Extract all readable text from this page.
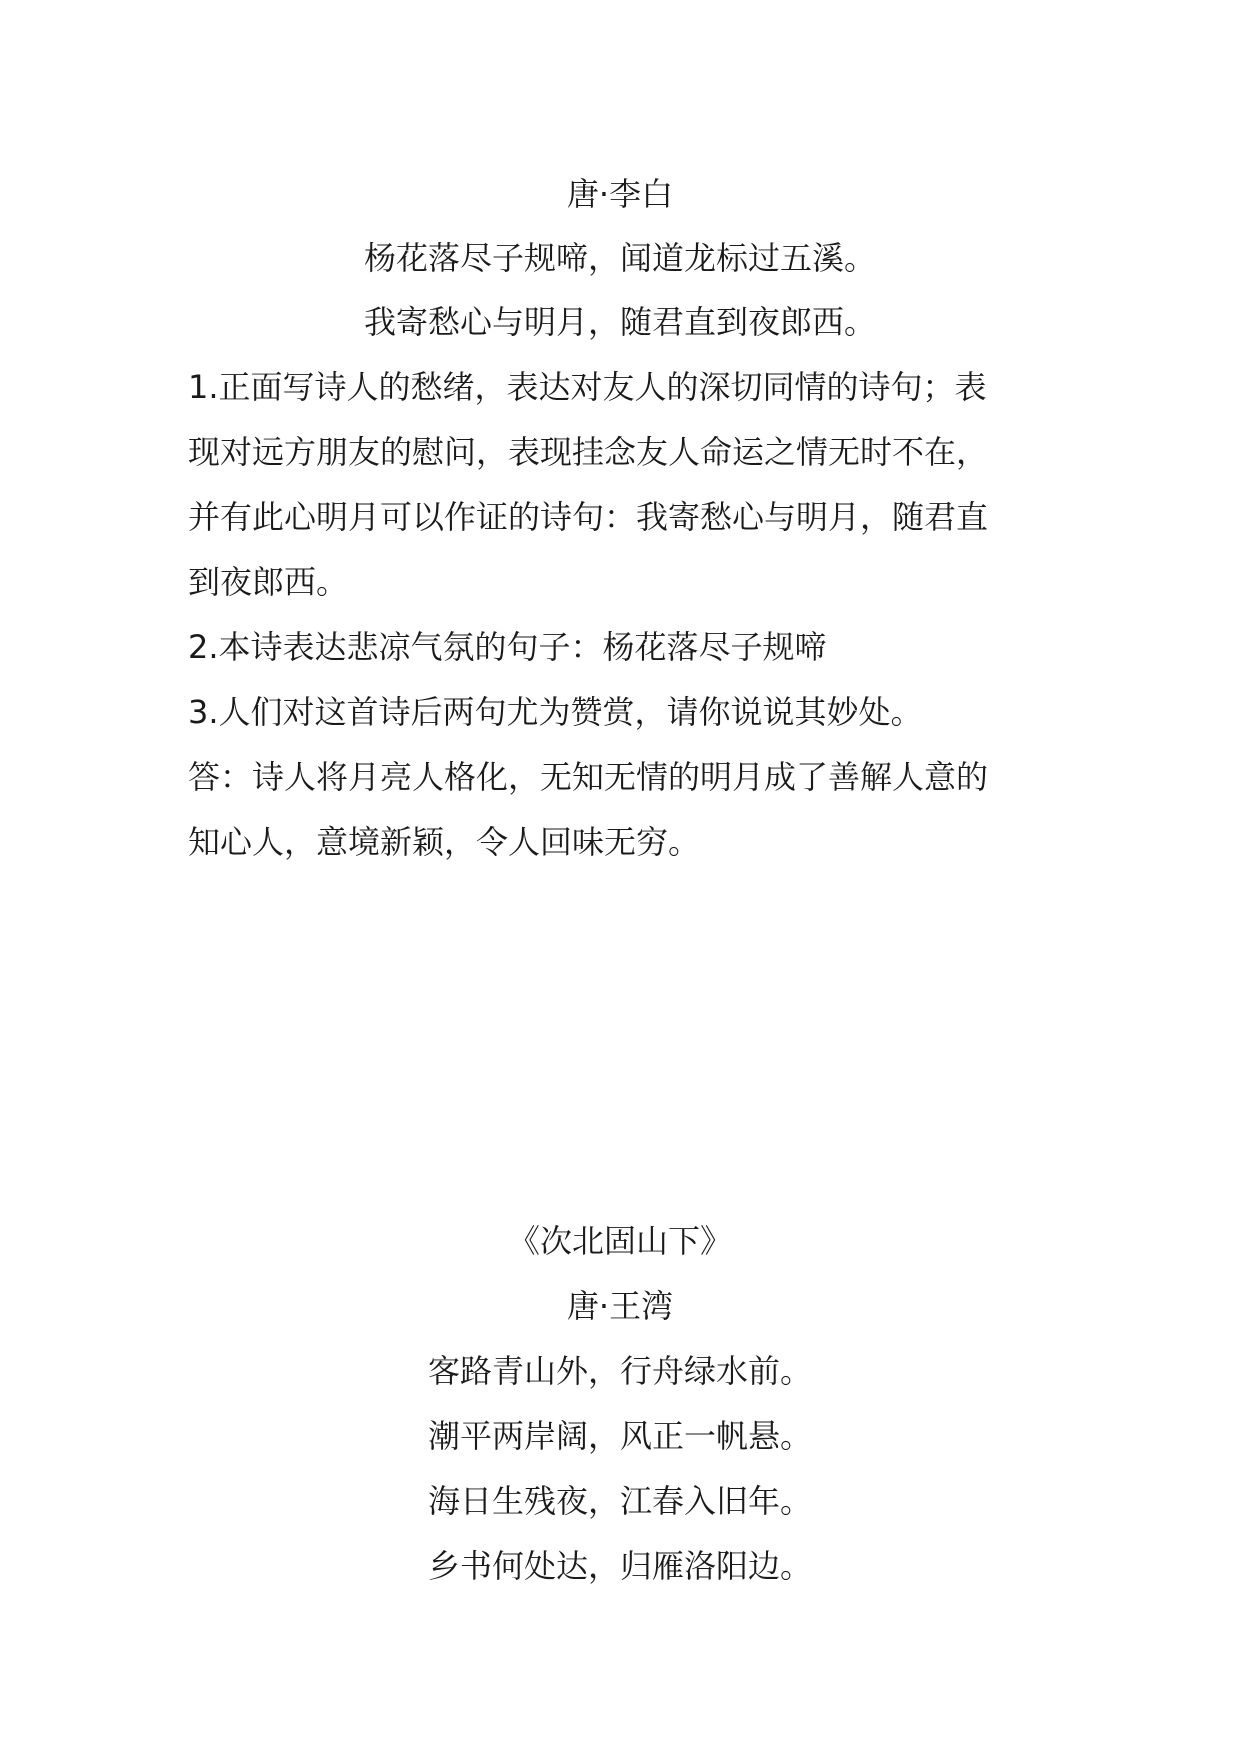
唐·李白
杨花落尽子规啼，闻道龙标过五溪。
我寄愁心与明月，随君直到夜郎西。
1.正面写诗人的愁绪，表达对友人的深切同情的诗句；表
现对远方朋友的慰问，表现挂念友人命运之情无时不在，
并有此心明月可以作证的诗句：我寄愁心与明月，随君直
到夜郎西。
2.本诗表达悲凉气氛的句子：杨花落尽子规啼
3.人们对这首诗后两句尤为赞赏，请你说说其妙处。
答：诗人将月亮人格化，无知无情的明月成了善解人意的
知心人，意境新颖，令人回味无穷。
《次北固山下》
唐·王湾
客路青山外，行舟绿水前。
潮平两岸阔，风正一帆悬。
海日生残夜，江春入旧年。
乡书何处达，归雁洛阳边。
